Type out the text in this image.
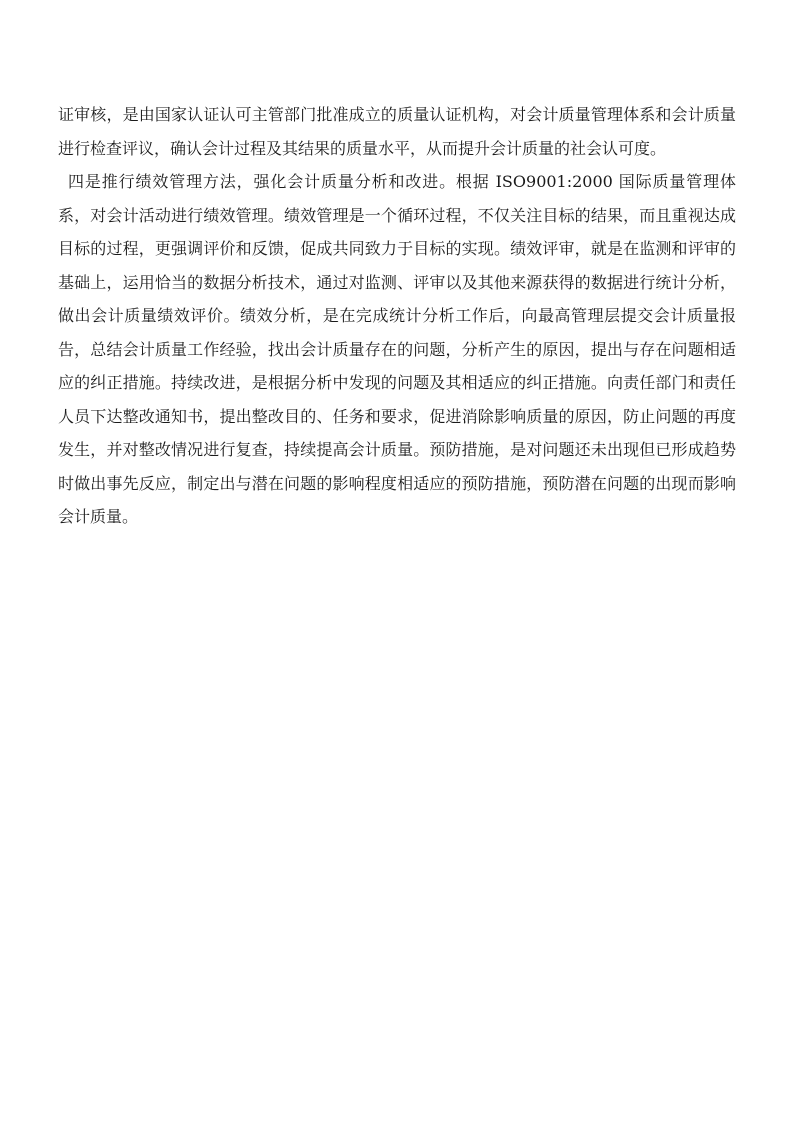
证审核，是由国家认证认可主管部门批准成立的质量认证机构，对会计质量管理体系和会计质量进行检查评议，确认会计过程及其结果的质量水平，从而提升会计质量的社会认可度。

四是推行绩效管理方法，强化会计质量分析和改进。根据 ISO9001:2000 国际质量管理体系，对会计活动进行绩效管理。绩效管理是一个循环过程，不仅关注目标的结果，而且重视达成目标的过程，更强调评价和反馈，促成共同致力于目标的实现。绩效评审，就是在监测和评审的基础上，运用恰当的数据分析技术，通过对监测、评审以及其他来源获得的数据进行统计分析，做出会计质量绩效评价。绩效分析，是在完成统计分析工作后，向最高管理层提交会计质量报告，总结会计质量工作经验，找出会计质量存在的问题，分析产生的原因，提出与存在问题相适应的纠正措施。持续改进，是根据分析中发现的问题及其相适应的纠正措施。向责任部门和责任人员下达整改通知书，提出整改目的、任务和要求，促进消除影响质量的原因，防止问题的再度发生，并对整改情况进行复查，持续提高会计质量。预防措施，是对问题还未出现但已形成趋势时做出事先反应，制定出与潜在问题的影响程度相适应的预防措施，预防潜在问题的出现而影响会计质量。
